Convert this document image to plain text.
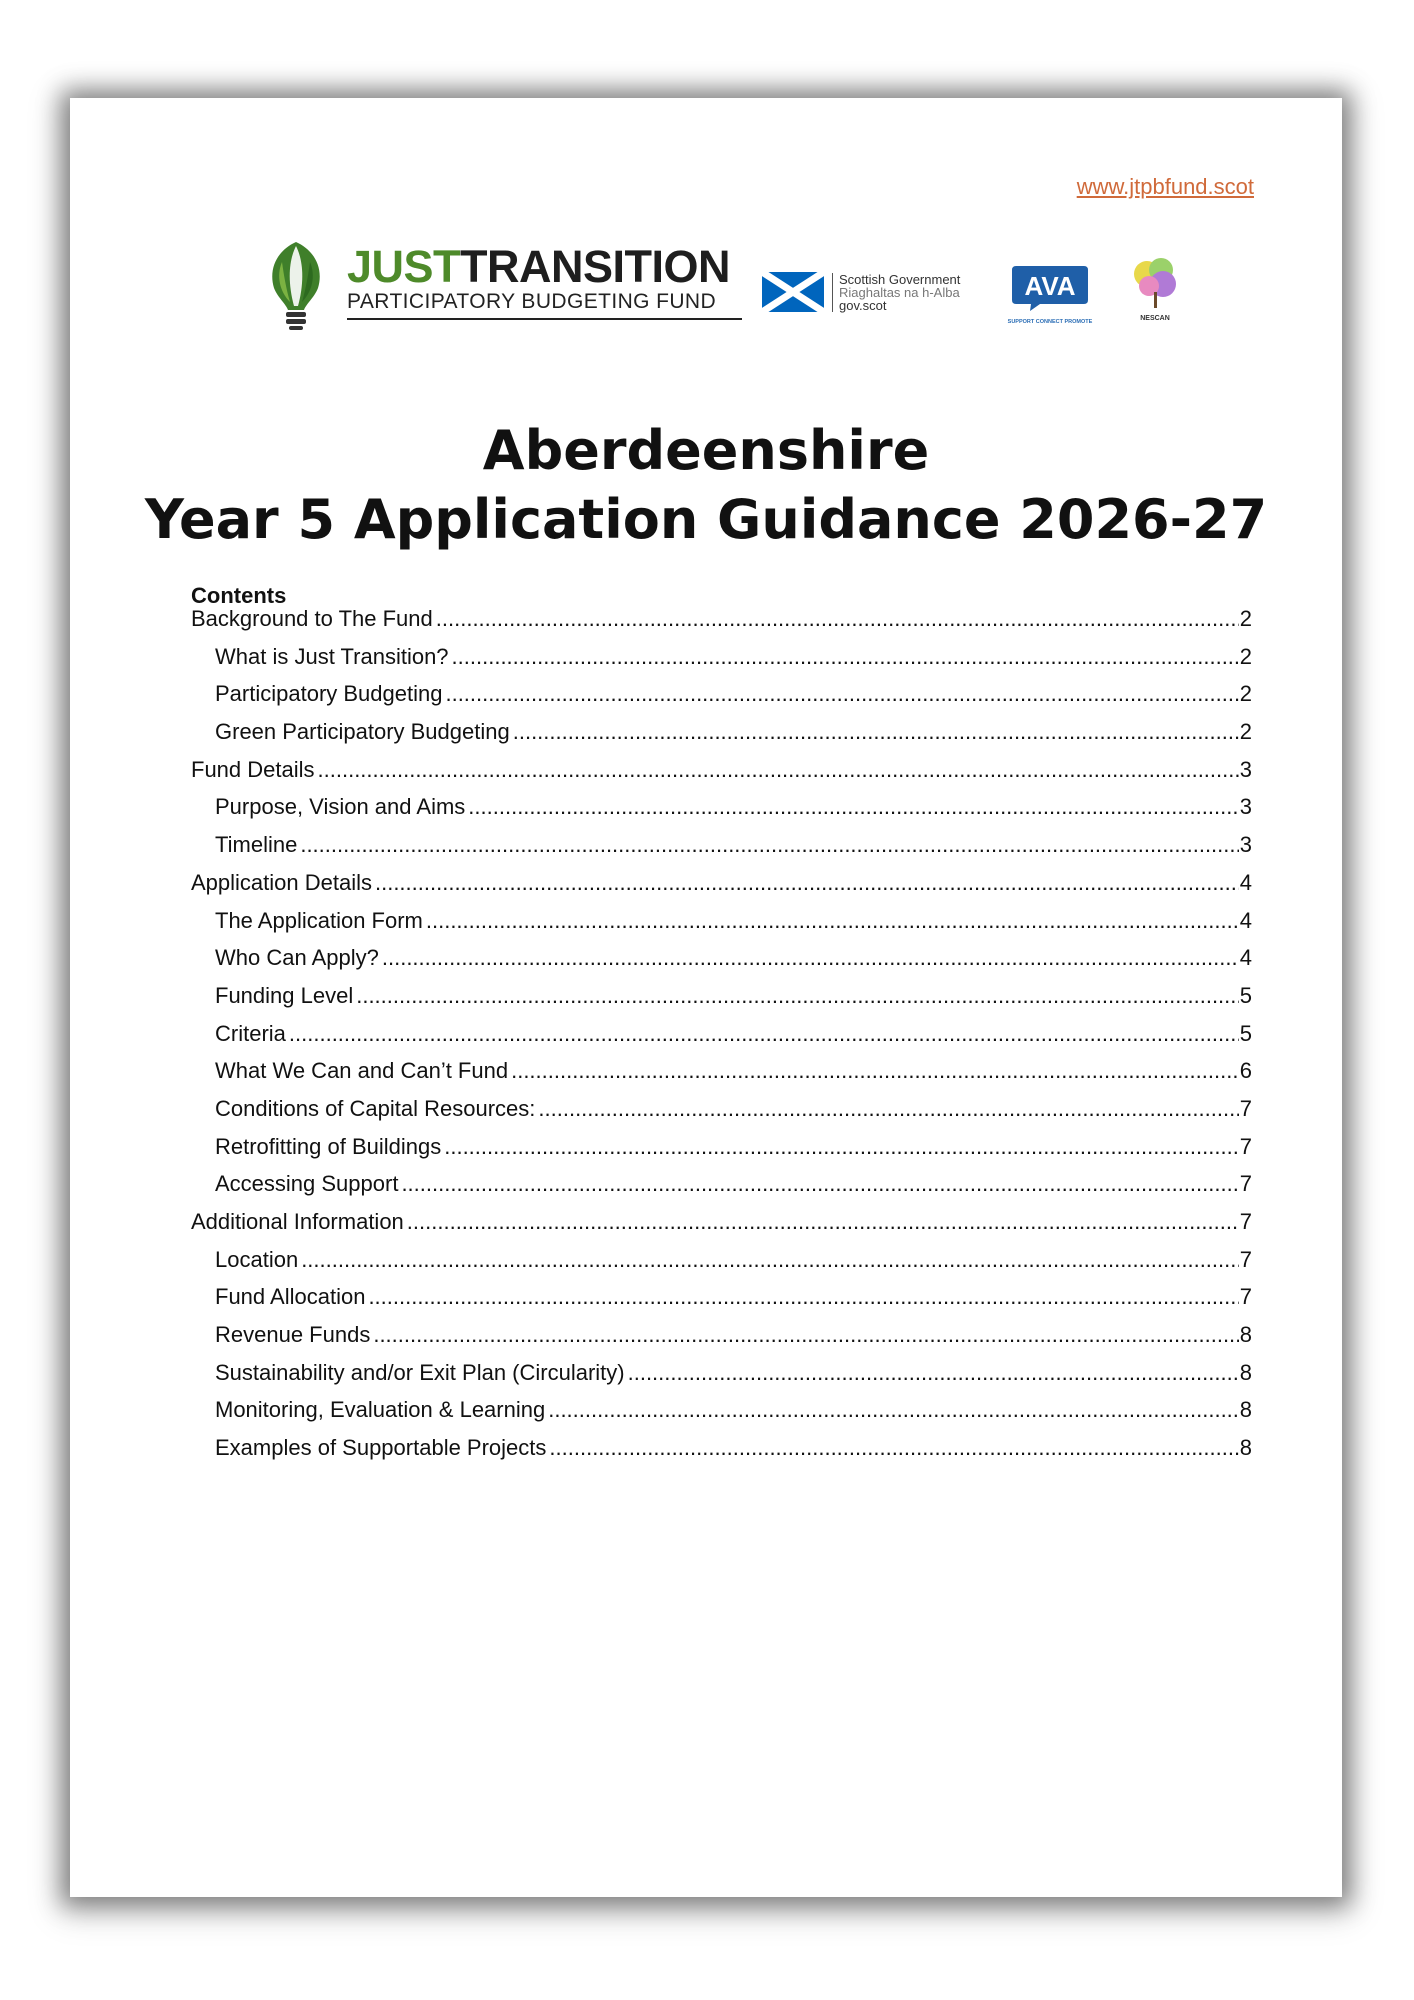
www.jtpbfund.scot
JUSTTRANSITION
PARTICIPATORY BUDGETING FUND
Scottish Government
Riaghaltas na h-Alba
gov.scot
AVA
SUPPORT CONNECT PROMOTE	NESCAN
Aberdeenshire
Year 5 Application Guidance 2026-27
Contents
Background to The Fund .....	2
What is Just Transition? .....	2
Participatory Budgeting .....	2
Green Participatory Budgeting .....	2
Fund Details .....	3
Purpose, Vision and Aims .....	3
Timeline .....	3
Application Details .....	4
The Application Form .....	4
Who Can Apply? .....	4
Funding Level .....	5
Criteria .....	5
What We Can and Can’t Fund .....	6
Conditions of Capital Resources: .....	7
Retrofitting of Buildings .....	7
Accessing Support .....	7
Additional Information .....	7
Location .....	7
Fund Allocation .....	7
Revenue Funds .....	8
Sustainability and/or Exit Plan (Circularity) .....	8
Monitoring, Evaluation & Learning .....	8
Examples of Supportable Projects .....	8
